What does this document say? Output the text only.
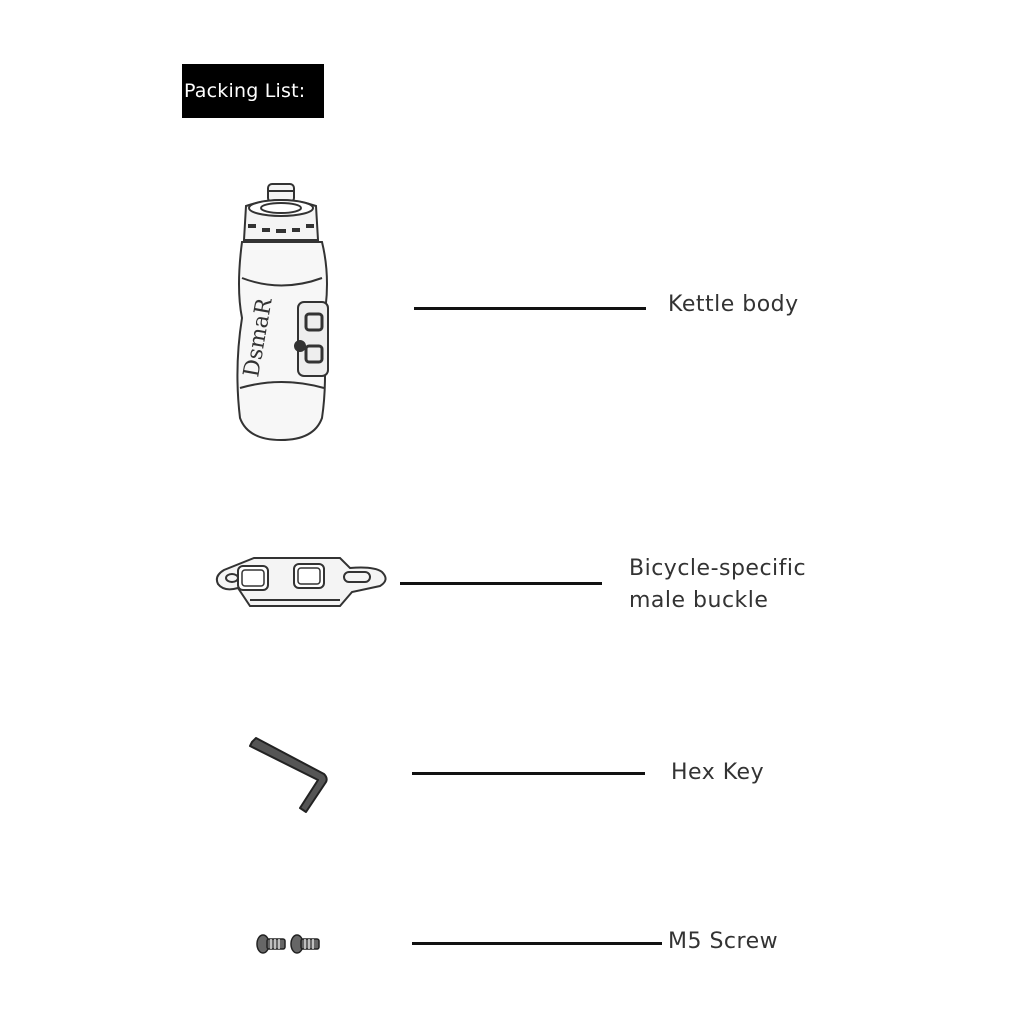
Packing List:
DsmaR	Kettle body
Bicycle-specific
male buckle
Hex Key
M5 Screw
